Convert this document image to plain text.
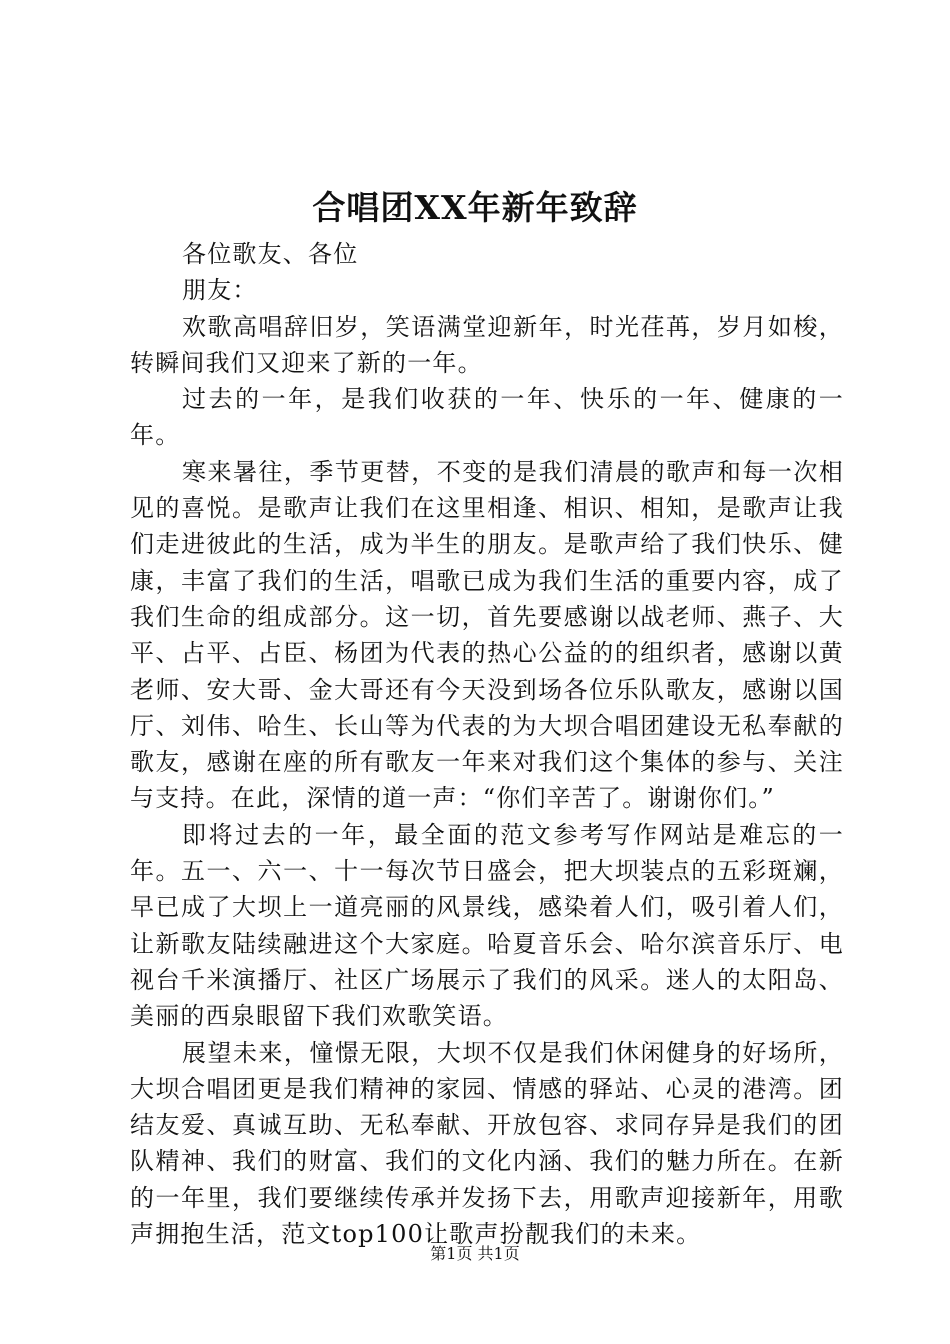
合唱团XX年新年致辞

各位歌友、各位

朋友：

欢歌高唱辞旧岁，笑语满堂迎新年，时光荏苒，岁月如梭，转瞬间我们又迎来了新的一年。

过去的一年，是我们收获的一年、快乐的一年、健康的一年。

寒来暑往，季节更替，不变的是我们清晨的歌声和每一次相见的喜悦。是歌声让我们在这里相逢、相识、相知，是歌声让我们走进彼此的生活，成为半生的朋友。是歌声给了我们快乐、健康，丰富了我们的生活，唱歌已成为我们生活的重要内容，成了我们生命的组成部分。这一切，首先要感谢以战老师、燕子、大平、占平、占臣、杨团为代表的热心公益的的组织者，感谢以黄老师、安大哥、金大哥还有今天没到场各位乐队歌友，感谢以国厅、刘伟、哈生、长山等为代表的为大坝合唱团建设无私奉献的歌友，感谢在座的所有歌友一年来对我们这个集体的参与、关注与支持。在此，深情的道一声：“你们辛苦了。谢谢你们。”

即将过去的一年，最全面的范文参考写作网站是难忘的一年。五一、六一、十一每次节日盛会，把大坝装点的五彩斑斓，早已成了大坝上一道亮丽的风景线，感染着人们，吸引着人们，让新歌友陆续融进这个大家庭。哈夏音乐会、哈尔滨音乐厅、电视台千米演播厅、社区广场展示了我们的风采。迷人的太阳岛、美丽的西泉眼留下我们欢歌笑语。

展望未来，憧憬无限，大坝不仅是我们休闲健身的好场所，大坝合唱团更是我们精神的家园、情感的驿站、心灵的港湾。团结友爱、真诚互助、无私奉献、开放包容、求同存异是我们的团队精神、我们的财富、我们的文化内涵、我们的魅力所在。在新的一年里，我们要继续传承并发扬下去，用歌声迎接新年，用歌声拥抱生活，范文top100让歌声扮靓我们的未来。

第1页 共1页
